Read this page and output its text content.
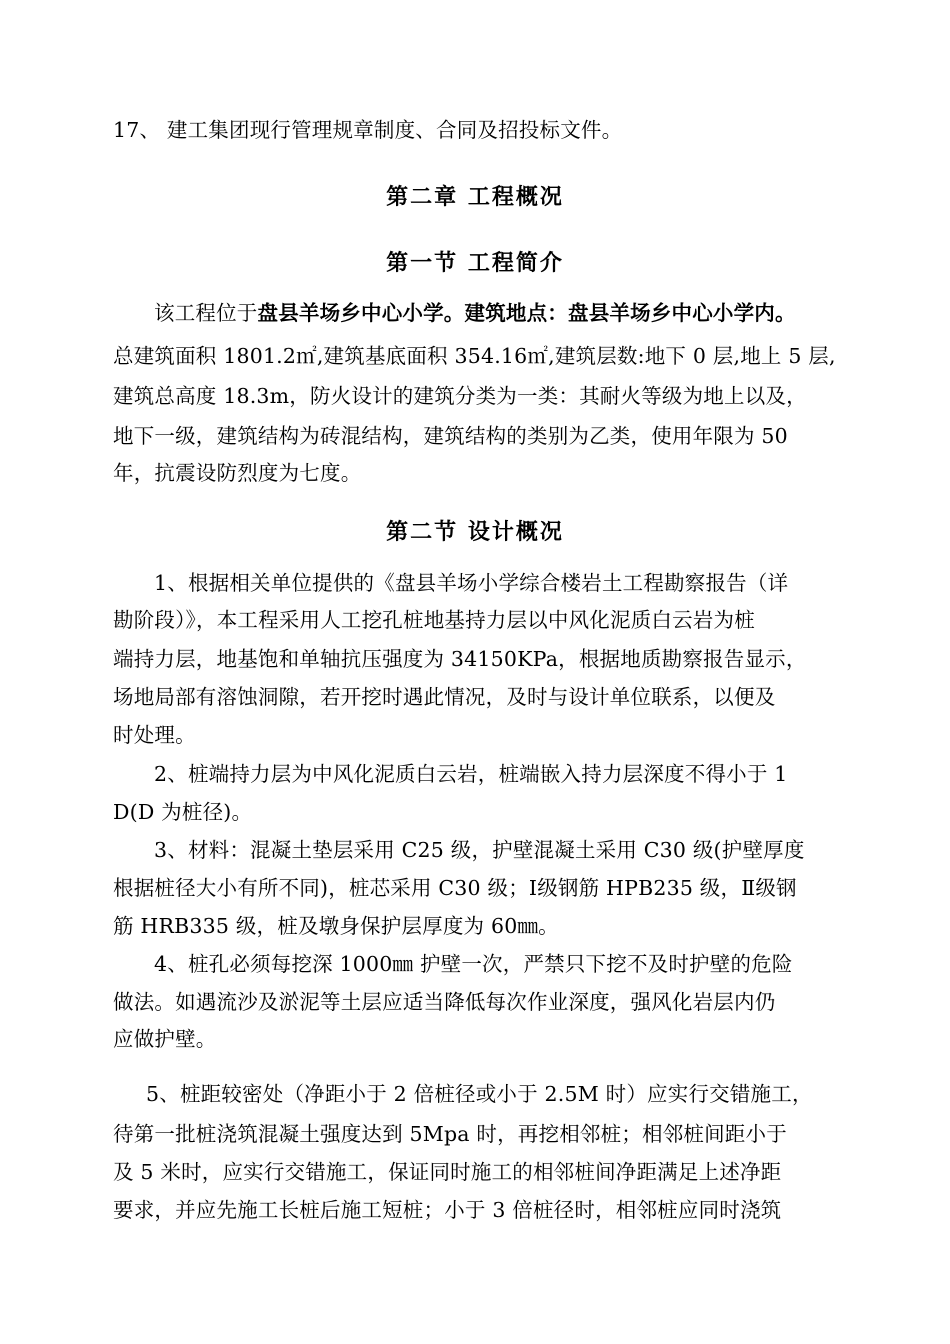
17、 建工集团现行管理规章制度、合同及招投标文件。
第二章 工程概况
第一节 工程简介
该工程位于盘县羊场乡中心小学。建筑地点：盘县羊场乡中心小学内。
总建筑面积 1801.2㎡,建筑基底面积 354.16㎡,建筑层数:地下 0 层,地上 5 层,
建筑总高度 18.3m，防火设计的建筑分类为一类：其耐火等级为地上以及，
地下一级，建筑结构为砖混结构，建筑结构的类别为乙类，使用年限为 50
年，抗震设防烈度为七度。
第二节 设计概况
1、根据相关单位提供的《盘县羊场小学综合楼岩土工程勘察报告（详
勘阶段）》，本工程采用人工挖孔桩地基持力层以中风化泥质白云岩为桩
端持力层，地基饱和单轴抗压强度为 34150KPa，根据地质勘察报告显示，
场地局部有溶蚀洞隙，若开挖时遇此情况，及时与设计单位联系，以便及
时处理。
2、桩端持力层为中风化泥质白云岩，桩端嵌入持力层深度不得小于 1
D(D 为桩径)。
3、材料：混凝土垫层采用 C25 级，护壁混凝土采用 C30 级(护壁厚度
根据桩径大小有所不同)，桩芯采用 C30 级；Ⅰ级钢筋 HPB235 级，Ⅱ级钢
筋 HRB335 级，桩及墩身保护层厚度为 60㎜。
4、桩孔必须每挖深 1000㎜ 护壁一次，严禁只下挖不及时护壁的危险
做法。如遇流沙及淤泥等土层应适当降低每次作业深度，强风化岩层内仍
应做护壁。
5、桩距较密处（净距小于 2 倍桩径或小于 2.5M 时）应实行交错施工，
待第一批桩浇筑混凝土强度达到 5Mpa 时，再挖相邻桩；相邻桩间距小于
及 5 米时，应实行交错施工，保证同时施工的相邻桩间净距满足上述净距
要求，并应先施工长桩后施工短桩；小于 3 倍桩径时，相邻桩应同时浇筑
